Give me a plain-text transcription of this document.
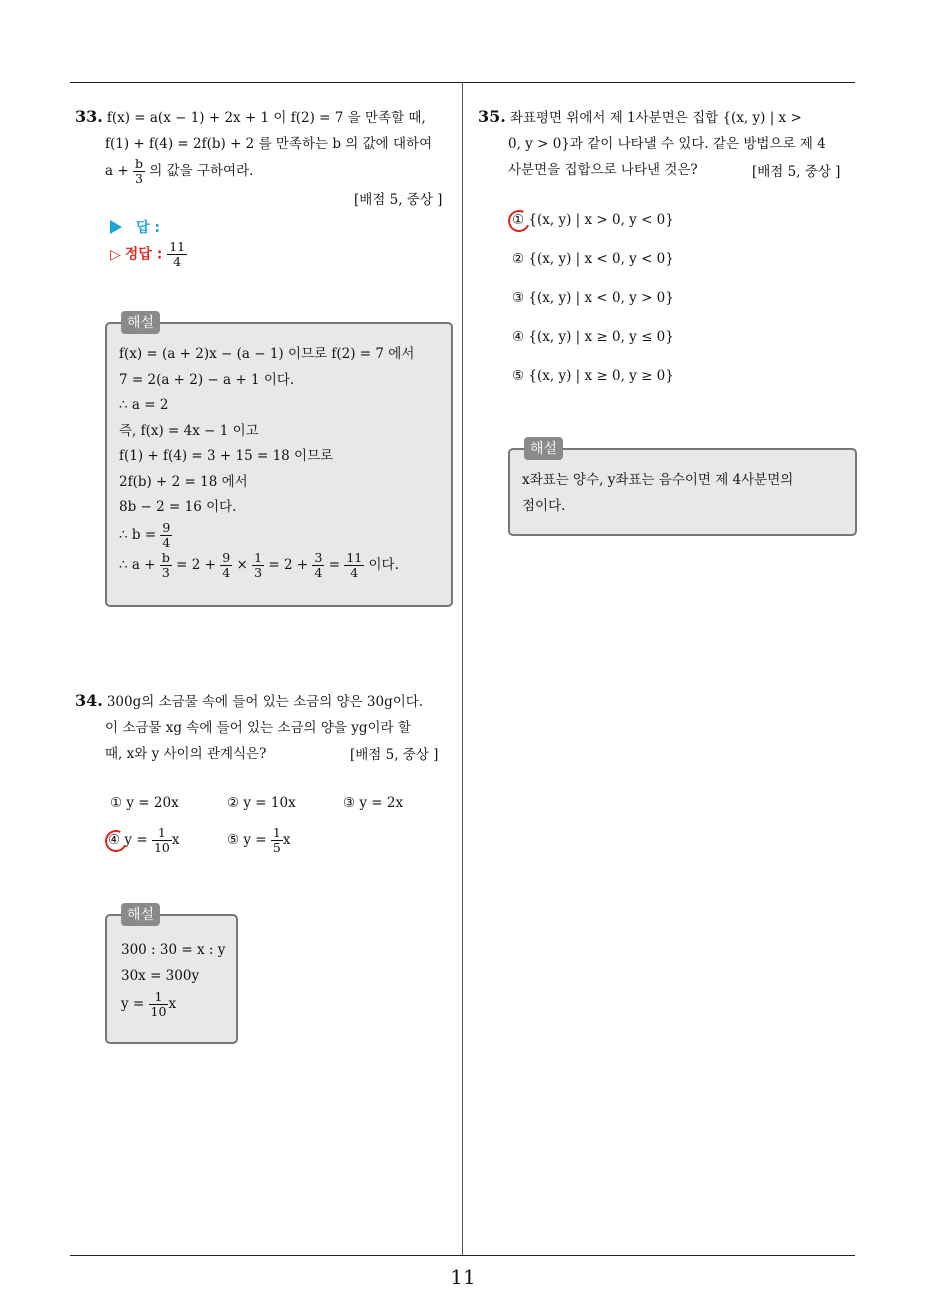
11
33. f(x) = a(x − 1) + 2x + 1 이 f(2) = 7 을 만족할 때,
f(1) + f(4) = 2f(b) + 2 를 만족하는 b 의 값에 대하여
$a + \frac{b}{3}$ 의 값을 구하여라.
[배점 5, 중상 ]
답 :
▷ 정답 : $\frac{11}{4}$
해설
f(x) = (a + 2)x − (a − 1) 이므로 f(2) = 7 에서
7 = 2(a + 2) − a + 1 이다.
∴ a = 2
즉, f(x) = 4x − 1 이고
f(1) + f(4) = 3 + 15 = 18 이므로
2f(b) + 2 = 18 에서
8b − 2 = 16 이다.
∴ $b = \frac{9}{4}$
∴ $a + \frac{b}{3} = 2 + \frac{9}{4} \times \frac{1}{3} = 2 + \frac{3}{4} = \frac{11}{4}$ 이다.
34. 300g의 소금물 속에 들어 있는 소금의 양은 30g이다.
이 소금물 xg 속에 들어 있는 소금의 양을 yg이라 할
때, x와 y 사이의 관계식은?	[배점 5, 중상 ]
① y = 20x	② y = 10x	③ y = 2x
④ $y = \frac{1}{10}$ x	⑤ $y = \frac{1}{5}$ x
해설
300 : 30 = x : y
30x = 300y
$y = \frac{1}{10}$ x
35. 좌표평면 위에서 제 1사분면은 집합 {(x, y) | x >
0, y > 0}과 같이 나타낼 수 있다. 같은 방법으로 제 4
사분면을 집합으로 나타낸 것은?	[배점 5, 중상 ]
① {(x, y) | x > 0, y < 0}
② {(x, y) | x < 0, y < 0}
③ {(x, y) | x < 0, y > 0}
④ {(x, y) | x ≥ 0, y ≤ 0}
⑤ {(x, y) | x ≥ 0, y ≥ 0}
해설
x좌표는 양수, y좌표는 음수이면 제 4사분면의
점이다.
